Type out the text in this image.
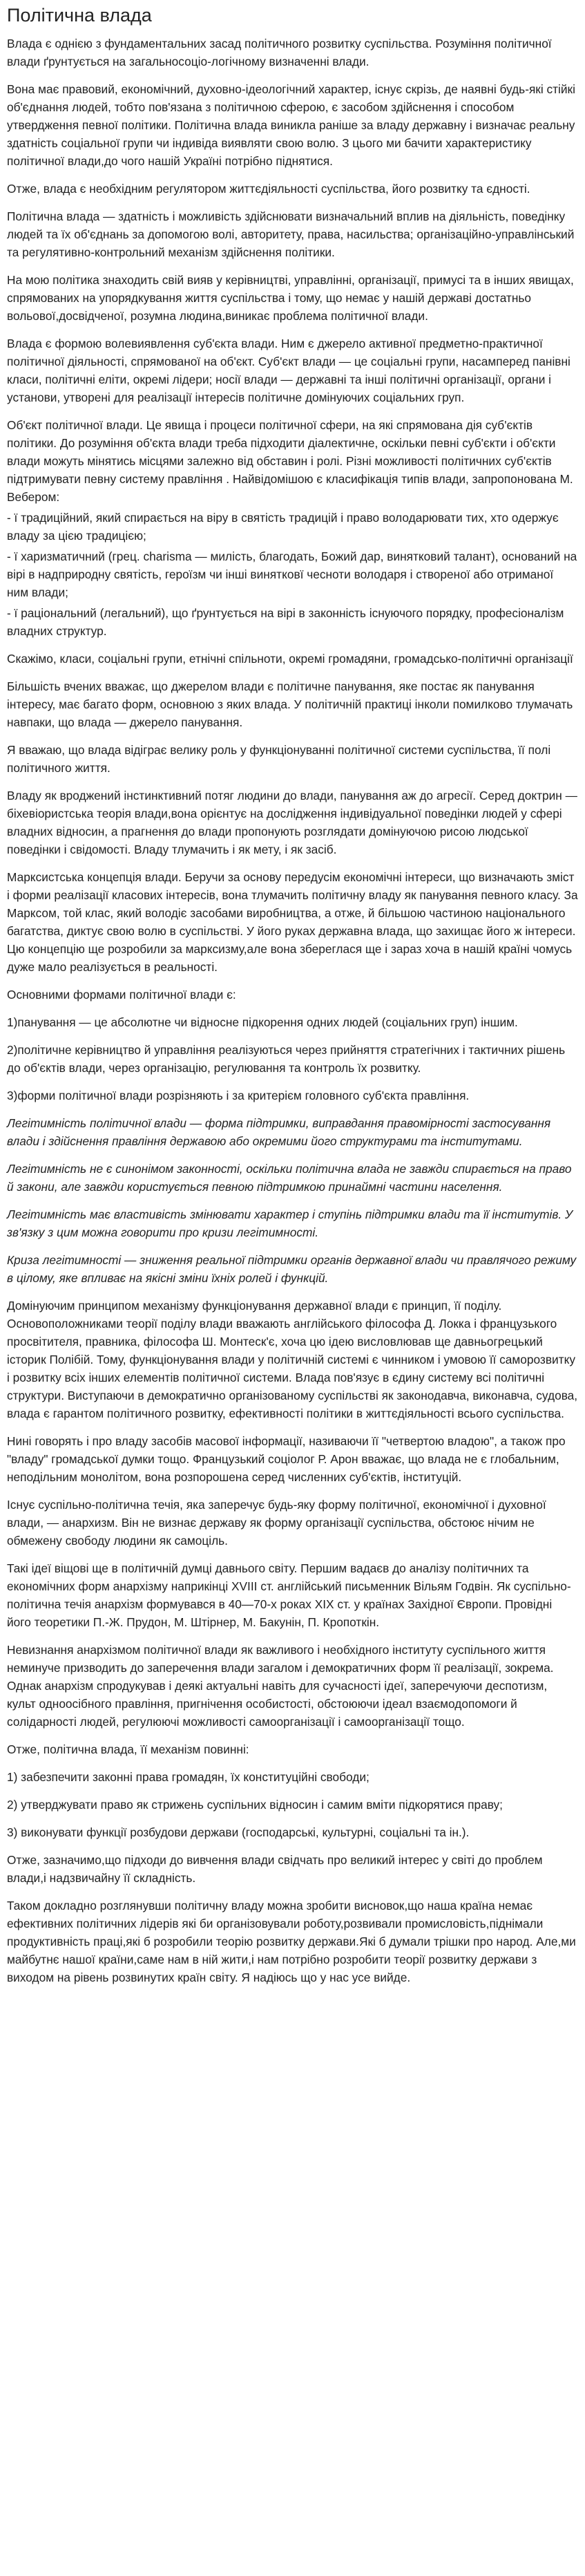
Політична влада

Влада є однією з фундаментальних засад політичного розвитку суспільства. Розуміння політичної влади ґрунтується на загальносоціо-логічному визначенні влади.

Вона має правовий, економічний, духовно-ідеологічний характер, існує скрізь, де наявні будь-які стійкі об'єднання людей, тобто пов'язана з політичною сферою, є засобом здійснення і способом утвердження певної політики. Політична влада виникла раніше за владу державну і визначає реальну здатність соціальної групи чи індивіда виявляти свою волю. З цього ми бачити характеристику політичної влади,до чого нашій Україні потрібно піднятися.

Отже, влада є необхідним регулятором життєдіяльності суспільства, його розвитку та єдності.

Політична влада — здатність і можливість здійснювати визначальний вплив на діяльність, поведінку людей та їх об'єднань за допомогою волі, авторитету, права, насильства; організаційно-управлінський та регулятивно-контрольний механізм здійснення політики.

На мою політика знаходить свій вияв у керівництві, управлінні, організації, примусі та в інших явищах, спрямованих на упорядкування життя суспільства і тому, що немає у нашій державі достатньо вольової,досвідченої, розумна людина,виникає проблема політичної влади.

Влада є формою волевиявлення суб'єкта влади. Ним є джерело активної предметно-практичної політичної діяльності, спрямованої на об'єкт. Суб'єкт влади — це соціальні групи, насамперед панівні класи, політичні еліти, окремі лідери; носії влади — державні та інші політичні організації, органи і установи, утворені для реалізації інтересів політичне домінуючих соціальних груп.

Об'єкт політичної влади. Це явища і процеси політичної сфери, на які спрямована дія суб'єктів політики. До розуміння об'єкта влади треба підходити діалектичне, оскільки певні суб'єкти і об'єкти влади можуть мінятись місцями залежно від обставин і ролі. Різні можливості політичних суб'єктів підтримувати певну систему правління . Найвідомішою є класифікація типів влади, запропонована М. Вебером:

- ï традиційний, який спирається на віру в святість традицій і право володарювати тих, хто одержує владу за цією традицією;

- ï харизматичний (грец. charisma — милість, благодать, Божий дар, винятковий талант), оснований на вірі в надприродну святість, героїзм чи інші винятковї чесноти володаря і створеної або отриманої ним влади;

- ï раціональний (легальний), що ґрунтується на вірі в законність існуючого порядку, професіоналізм владних структур.

Скажімо, класи, соціальні групи, етнічні спільноти, окремі громадяни, громадсько-політичні організації

Більшість вчених вважає, що джерелом влади є політичне панування, яке постає як панування інтересу, має багато форм, основною з яких влада. У політичній практиці інколи помилково тлумачать навпаки, що влада — джерело панування.

Я вважаю, що влада відіграє велику роль у функціонуванні політичної системи суспільства, її полі політичного життя.

Владу як вроджений інстинктивний потяг людини до влади, панування аж до агресії. Серед доктрин — біхевіористська теорія влади,вона орієнтує на дослідження індивідуальної поведінки людей у сфері владних відносин, а прагнення до влади пропонують розглядати домінуючою рисою людської поведінки і свідомості. Владу тлумачить і як мету, і як засіб.

Марксистська концепція влади. Беручи за основу передусім економічні інтереси, що визначають зміст і форми реалізації класових інтересів, вона тлумачить політичну владу як панування певного класу. За Марксом, той клас, який володіє засобами виробництва, а отже, й більшою частиною національного багатства, диктує свою волю в суспільстві. У його руках державна влада, що захищає його ж інтереси. Цю концепцію ще розробили за марксизму,але вона збереглася ще і зараз хоча в нашій країні чомусь дуже мало реалізується в реальності.

Основними формами політичної влади є:

1)панування — це абсолютне чи відносне підкорення одних людей (соціальних груп) іншим.

2)політичне керівництво й управління реалізуються через прийняття стратегічних і тактичних рішень до об'єктів влади, через організацію, регулювання та контроль їх розвитку.

3)форми політичної влади розрізняють і за критерієм головного суб'єкта правління.

Легітимність політичної влади — форма підтримки, виправдання правомірності застосування влади і здійснення правління державою або окремими його структурами та інститутами.

Легітимність не є синонімом законності, оскільки політична влада не завжди спирається на право й закони, але завжди користується певною підтримкою принаймні частини населення.

Легітимність має властивість змінювати характер і ступінь підтримки влади та її інститутів. У зв'язку з цим можна говорити про кризи легітимності.

Криза легітимності — зниження реальної підтримки органів державної влади чи правлячого режиму в цілому, яке впливає на якісні зміни їхніх ролей і функцій.

Домінуючим принципом механізму функціонування державної влади є принцип, її поділу. Основоположниками теорії поділу влади вважають англійського філософа Д. Локка і французького просвітителя, правника, філософа Ш. Монтеск'є, хоча цю ідею висловлював ще давньогрецький історик Полібій. Тому, функціонування влади у політичній системі є чинником і умовою її саморозвитку і розвитку всіх інших елементів політичної системи. Влада пов'язує в єдину систему всі політичні структури. Виступаючи в демократично організованому суспільстві як законодавча, виконавча, судова, влада є гарантом політичного розвитку, ефективності політики в життєдіяльності всього суспільства.

Нині говорять і про владу засобів масової інформації, називаючи її "четвертою владою", а також про "владу" громадської думки тощо. Французький соціолог Р. Арон вважає, що влада не є глобальним, неподільним монолітом, вона розпорошена серед численних суб'єктів, інституцій.

Існує суспільно-політична течія, яка заперечує будь-яку форму політичної, економічної і духовної влади, — анархизм. Він не визнає державу як форму організації суспільства, обстоює нічим не обмежену свободу людини як самоціль.

Такі ідеї віщові ще в політичній думці давнього світу. Першим вадаєв до аналізу політичних та економічних форм анархізму наприкінці XVIII ст. англійський письменник Вільям Годвін. Як суспільно-політична течія анархізм формувався в 40—70-х роках XIX ст. у країнах Західної Європи. Провідні його теоретики П.-Ж. Прудон, М. Штірнер, М. Бакунін, П. Кропоткін.

Невизнання анархізмом політичної влади як важливого і необхідного інституту суспільного життя неминуче призводить до заперечення влади загалом і демократичних форм її реалізації, зокрема. Однак анархізм спродукував і деякі актуальні навіть для сучасності ідеї, заперечуючи деспотизм, культ одноосібного правління, пригнічення особистості, обстоюючи ідеал взаємодопомоги й солідарності людей, регулюючі можливості самоорганізації і самоорганізації тощо.

Отже, політична влада, її механізм повинні:

1) забезпечити законні права громадян, їх конституційні свободи;

2) утверджувати право як стрижень суспільних відносин і самим вміти підкорятися праву;

3) виконувати функції розбудови держави (господарські, культурні, соціальні та ін.).

Отже, зазначимо,що підходи до вивчення влади свідчать про великий інтерес у світі до проблем влади,і надзвичайну її складність.

Таком докладно розглянувши політичну владу можна зробити висновок,що наша країна немає ефективних політичних лідерів які би організовували роботу,розвивали промисловість,піднімали продуктивність праці,які б розробили теорію розвитку держави.Які б думали трішки про народ. Але,ми майбутнє нашої країни,саме нам в ній жити,і нам потрібно розробити теорії розвитку держави з виходом на рівень розвинутих країн світу. Я надіюсь що у нас усе вийде.
